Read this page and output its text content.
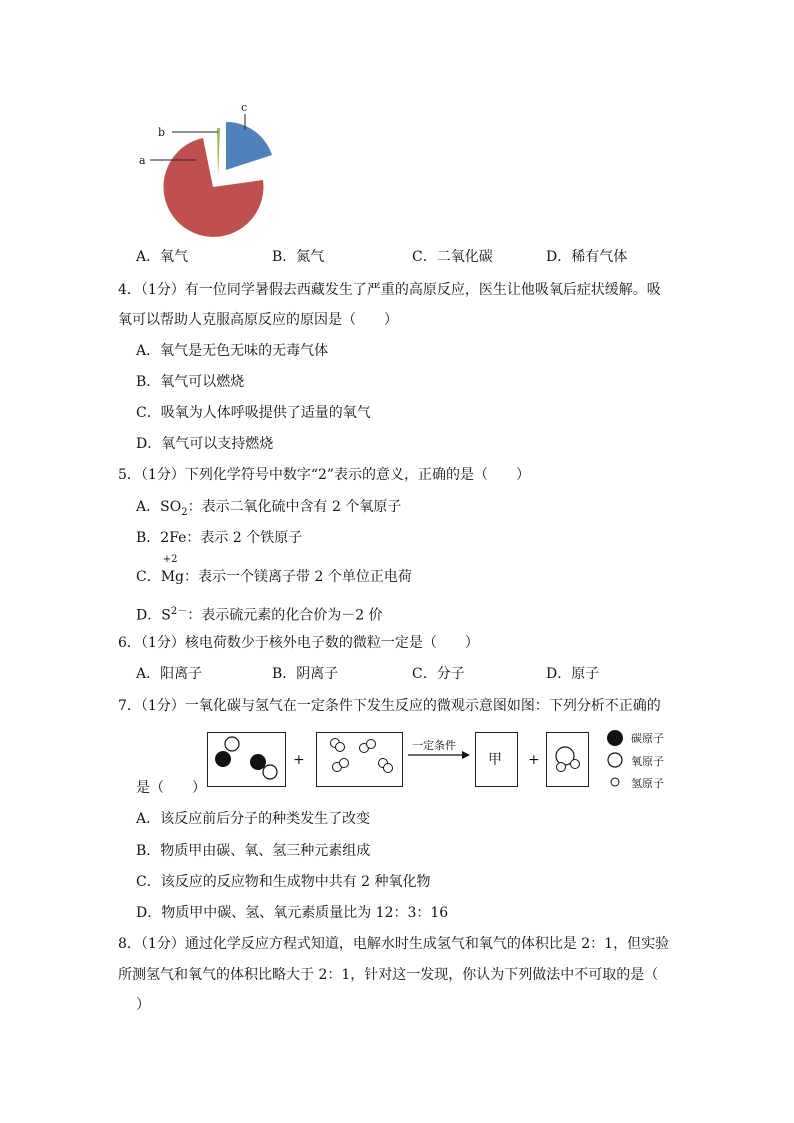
a
b
c
A．氧气	B．氮气	C．二氧化碳	D．稀有气体
4．（1分）有一位同学暑假去西藏发生了严重的高原反应，医生让他吸氧后症状缓解。吸
氧可以帮助人克服高原反应的原因是（　　）
A．氧气是无色无味的无毒气体
B．氧气可以燃烧
C．吸氧为人体呼吸提供了适量的氧气
D．氧气可以支持燃烧
5．（1分）下列化学符号中数字“2”表示的意义，正确的是（　　）
A．$SO_2$：表示二氧化硫中含有 2 个氧原子
B．2Fe：表示 2 个铁原子
C．
+2
Mg：表示一个镁离子带 2 个单位正电荷
D．$S^{2-}$：表示硫元素的化合价为－2 价
6．（1分）核电荷数少于核外电子数的微粒一定是（　　）
A．阳离子	B．阴离子	C．分子	D．原子
7．（1分）一氧化碳与氢气在一定条件下发生反应的微观示意图如图：下列分析不正确的
+
一定条件
甲 +
碳原子
氧原子
氢原子
是（　　）
A．该反应前后分子的种类发生了改变
B．物质甲由碳、氧、氢三种元素组成
C．该反应的反应物和生成物中共有 2 种氧化物
D．物质甲中碳、氢、氧元素质量比为 12：3：16
8．（1分）通过化学反应方程式知道，电解水时生成氢气和氧气的体积比是 2：1，但实验
所测氢气和氧气的体积比略大于 2：1，针对这一发现，你认为下列做法中不可取的是（
）
